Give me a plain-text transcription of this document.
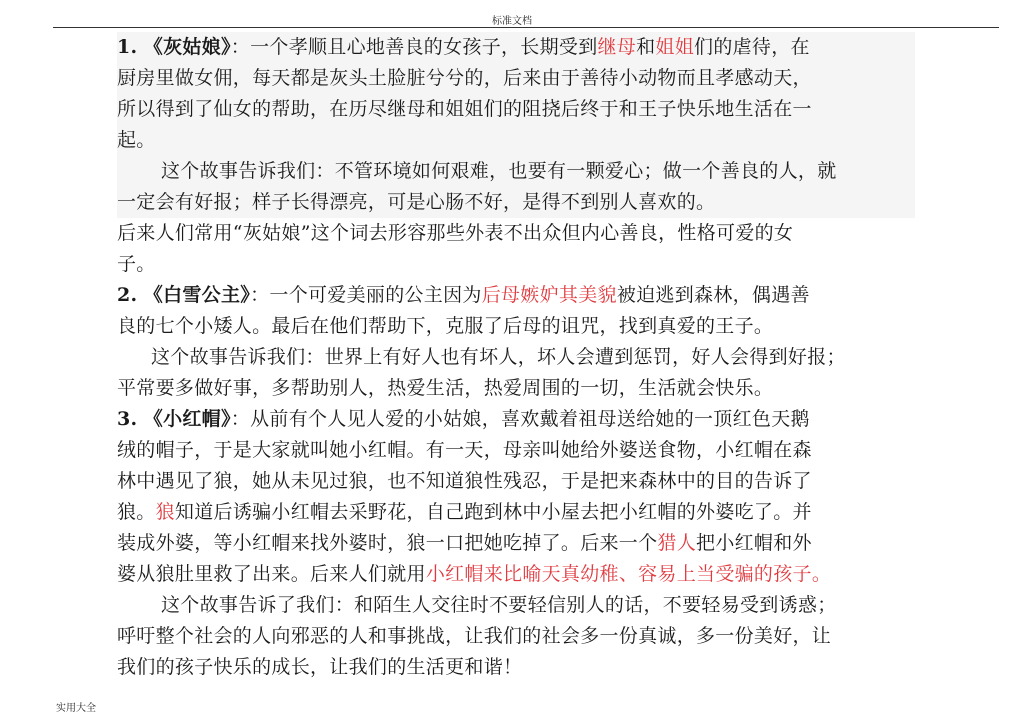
标准文档
1. 《灰姑娘》：一个孝顺且心地善良的女孩子，长期受到继母和姐姐们的虐待，在
厨房里做女佣，每天都是灰头土脸脏兮兮的，后来由于善待小动物而且孝感动天，
所以得到了仙女的帮助，在历尽继母和姐姐们的阻挠后终于和王子快乐地生活在一
起。
这个故事告诉我们：不管环境如何艰难，也要有一颗爱心；做一个善良的人，就
一定会有好报；样子长得漂亮，可是心肠不好，是得不到别人喜欢的。
后来人们常用“灰姑娘”这个词去形容那些外表不出众但内心善良，性格可爱的女
子。
2. 《白雪公主》：一个可爱美丽的公主因为后母嫉妒其美貌被迫逃到森林，偶遇善
良的七个小矮人。最后在他们帮助下，克服了后母的诅咒，找到真爱的王子。
这个故事告诉我们：世界上有好人也有坏人，坏人会遭到惩罚，好人会得到好报；
平常要多做好事，多帮助别人，热爱生活，热爱周围的一切，生活就会快乐。
3. 《小红帽》：从前有个人见人爱的小姑娘，喜欢戴着祖母送给她的一顶红色天鹅
绒的帽子，于是大家就叫她小红帽。有一天，母亲叫她给外婆送食物，小红帽在森
林中遇见了狼，她从未见过狼，也不知道狼性残忍，于是把来森林中的目的告诉了
狼。狼知道后诱骗小红帽去采野花，自己跑到林中小屋去把小红帽的外婆吃了。并
装成外婆，等小红帽来找外婆时，狼一口把她吃掉了。后来一个猎人把小红帽和外
婆从狼肚里救了出来。后来人们就用小红帽来比喻天真幼稚、容易上当受骗的孩子。
这个故事告诉了我们：和陌生人交往时不要轻信别人的话，不要轻易受到诱惑；
呼吁整个社会的人向邪恶的人和事挑战，让我们的社会多一份真诚，多一份美好，让
我们的孩子快乐的成长，让我们的生活更和谐！
实用大全
